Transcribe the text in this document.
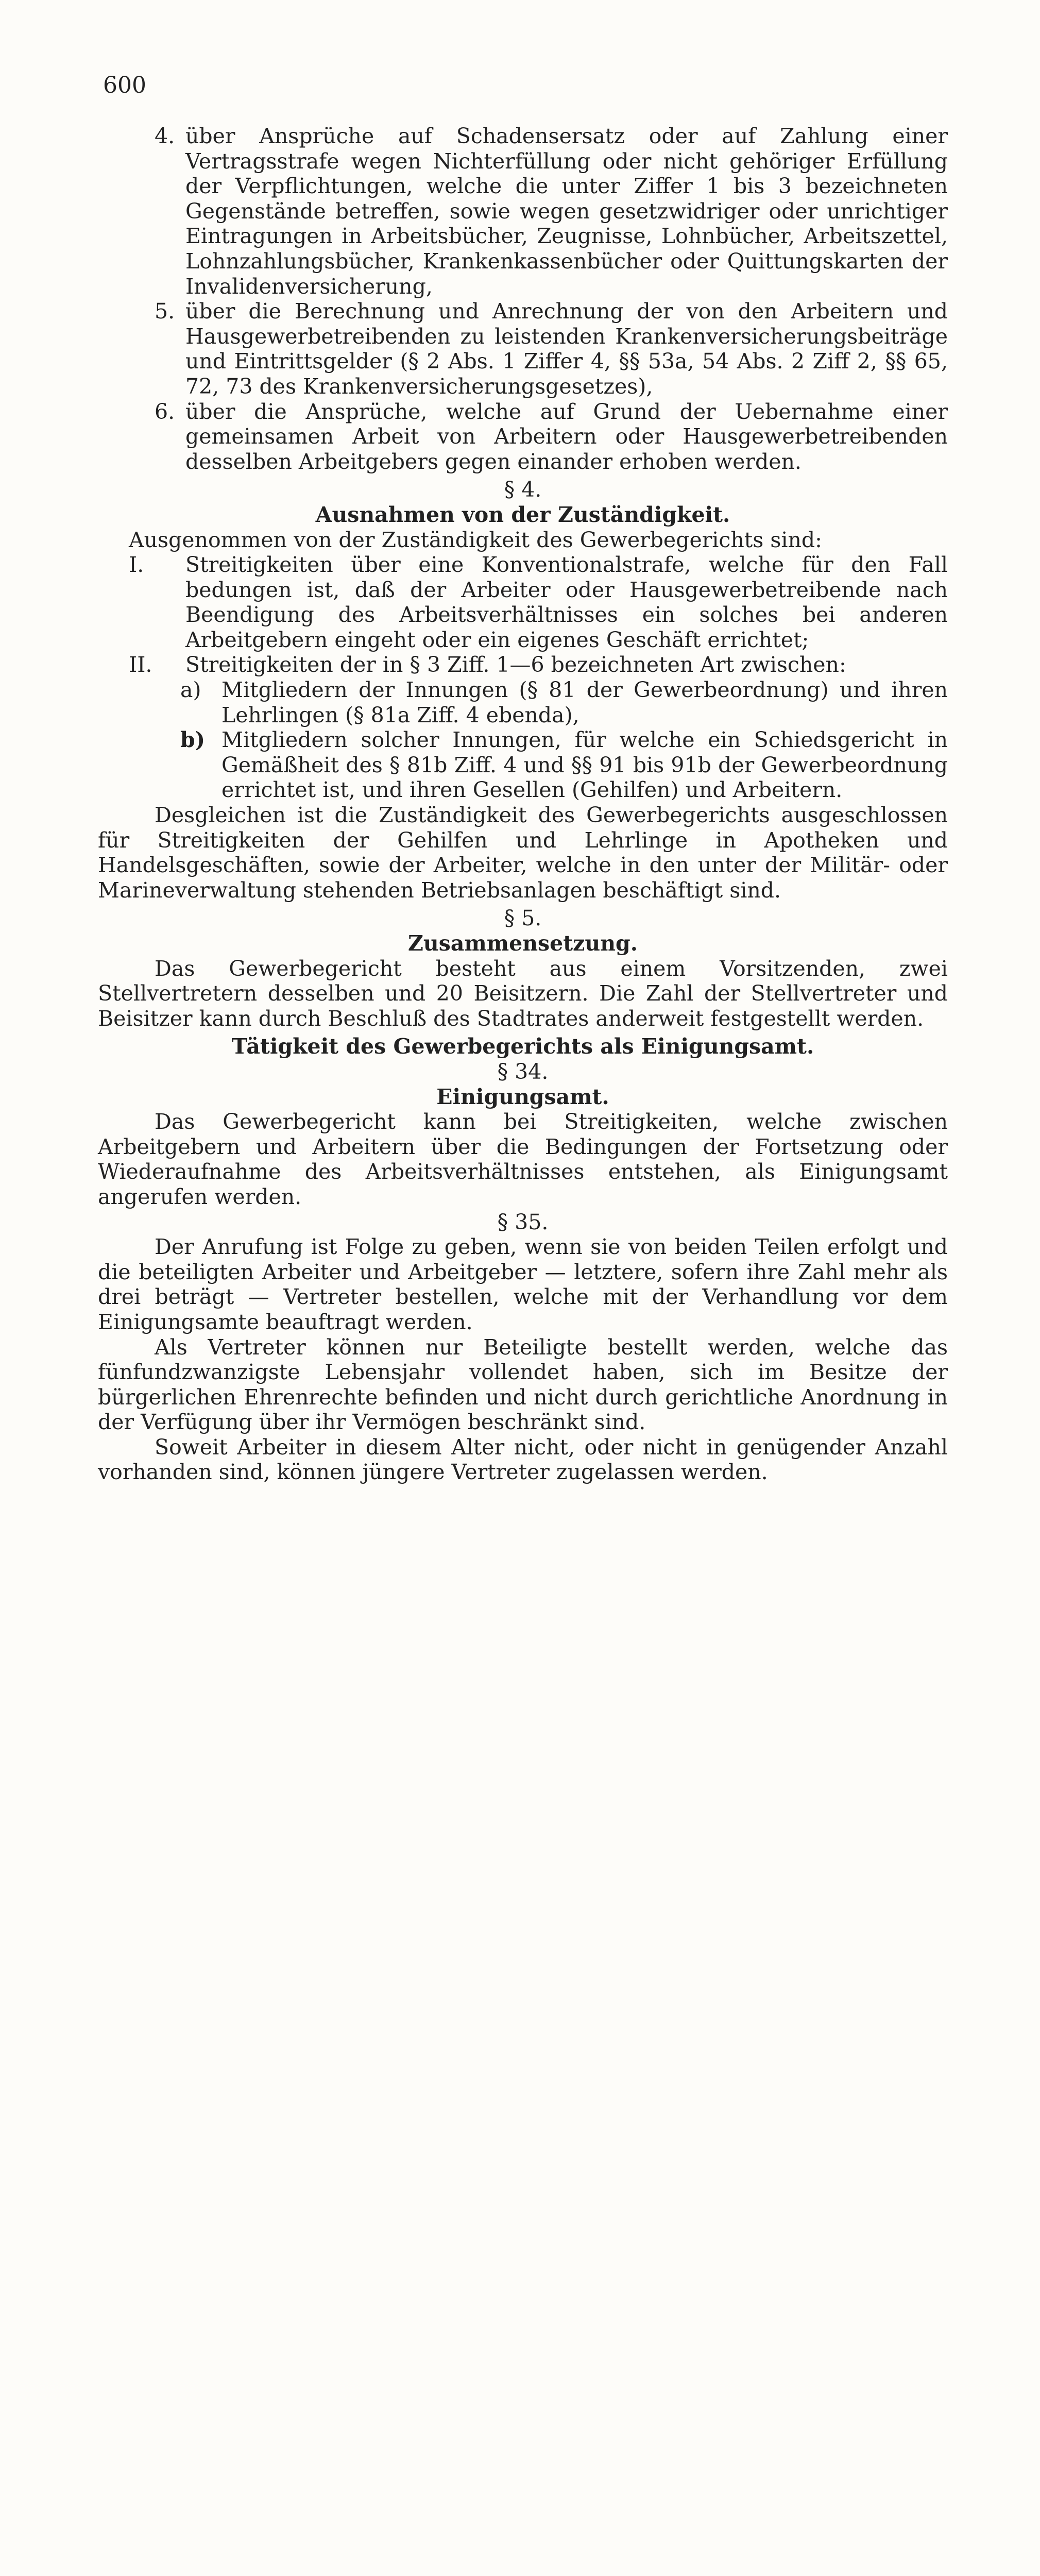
600
4. über Ansprüche auf Schadensersatz oder auf Zahlung einer Vertragsstrafe wegen Nichterfüllung oder nicht gehöriger Erfüllung der Verpflichtungen, welche die unter Ziffer 1 bis 3 bezeichneten Gegenstände betreffen, sowie wegen gesetzwidriger oder unrichtiger Eintragungen in Arbeitsbücher, Zeugnisse, Lohnbücher, Arbeitszettel, Lohnzahlungsbücher, Krankenkassenbücher oder Quittungskarten der Invalidenversicherung,
5. über die Berechnung und Anrechnung der von den Arbeitern und Hausgewerbetreibenden zu leistenden Krankenversicherungsbeiträge und Eintrittsgelder (§ 2 Abs. 1 Ziffer 4, §§ 53a, 54 Abs. 2 Ziff 2, §§ 65, 72, 73 des Krankenversicherungsgesetzes),
6. über die Ansprüche, welche auf Grund der Uebernahme einer gemeinsamen Arbeit von Arbeitern oder Hausgewerbetreibenden desselben Arbeitgebers gegen einander erhoben werden.
§ 4.
Ausnahmen von der Zuständigkeit.
Ausgenommen von der Zuständigkeit des Gewerbegerichts sind:
I. Streitigkeiten über eine Konventionalstrafe, welche für den Fall bedungen ist, daß der Arbeiter oder Hausgewerbetreibende nach Beendigung des Arbeitsverhältnisses ein solches bei anderen Arbeitgebern eingeht oder ein eigenes Geschäft errichtet;
II. Streitigkeiten der in § 3 Ziff. 1—6 bezeichneten Art zwischen:
a) Mitgliedern der Innungen (§ 81 der Gewerbeordnung) und ihren Lehrlingen (§ 81a Ziff. 4 ebenda),
b) Mitgliedern solcher Innungen, für welche ein Schiedsgericht in Gemäßheit des § 81b Ziff. 4 und §§ 91 bis 91b der Gewerbeordnung errichtet ist, und ihren Gesellen (Gehilfen) und Arbeitern.
Desgleichen ist die Zuständigkeit des Gewerbegerichts ausgeschlossen für Streitigkeiten der Gehilfen und Lehrlinge in Apotheken und Handelsgeschäften, sowie der Arbeiter, welche in den unter der Militär- oder Marineverwaltung stehenden Betriebsanlagen beschäftigt sind.
§ 5.
Zusammensetzung.
Das Gewerbegericht besteht aus einem Vorsitzenden, zwei Stellvertretern desselben und 20 Beisitzern. Die Zahl der Stellvertreter und Beisitzer kann durch Beschluß des Stadtrates anderweit festgestellt werden.
Tätigkeit des Gewerbegerichts als Einigungsamt.
§ 34.
Einigungsamt.
Das Gewerbegericht kann bei Streitigkeiten, welche zwischen Arbeitgebern und Arbeitern über die Bedingungen der Fortsetzung oder Wiederaufnahme des Arbeitsverhältnisses entstehen, als Einigungsamt angerufen werden.
§ 35.
Der Anrufung ist Folge zu geben, wenn sie von beiden Teilen erfolgt und die beteiligten Arbeiter und Arbeitgeber — letztere, sofern ihre Zahl mehr als drei beträgt — Vertreter bestellen, welche mit der Verhandlung vor dem Einigungsamte beauftragt werden.
Als Vertreter können nur Beteiligte bestellt werden, welche das fünfundzwanzigste Lebensjahr vollendet haben, sich im Besitze der bürgerlichen Ehrenrechte befinden und nicht durch gerichtliche Anordnung in der Verfügung über ihr Vermögen beschränkt sind.
Soweit Arbeiter in diesem Alter nicht, oder nicht in genügender Anzahl vorhanden sind, können jüngere Vertreter zugelassen werden.
